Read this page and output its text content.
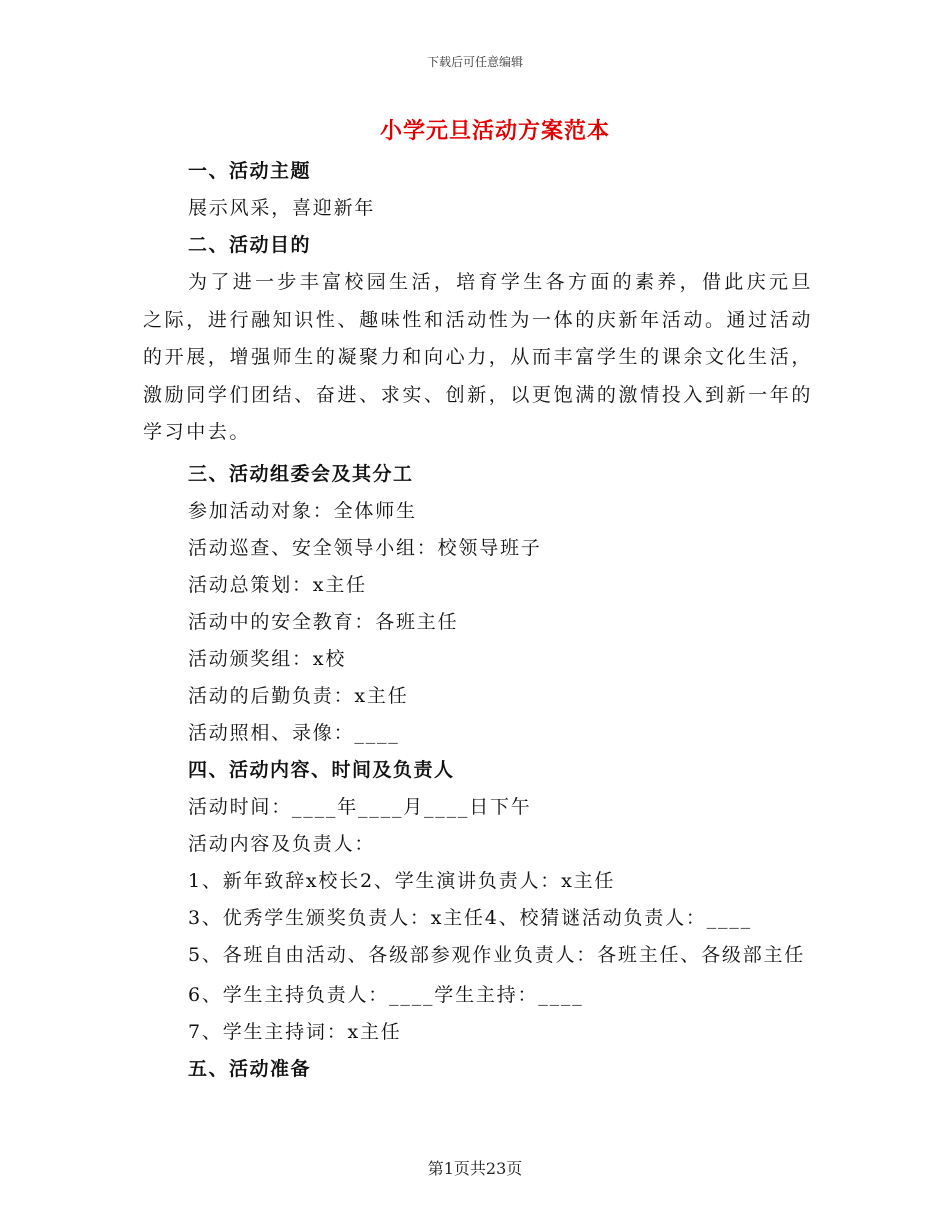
下载后可任意编辑
小学元旦活动方案范本

一、活动主题

展示风采，喜迎新年

二、活动目的

为了进一步丰富校园生活，培育学生各方面的素养，借此庆元旦之际，进行融知识性、趣味性和活动性为一体的庆新年活动。通过活动的开展，增强师生的凝聚力和向心力，从而丰富学生的课余文化生活，激励同学们团结、奋进、求实、创新，以更饱满的激情投入到新一年的学习中去。

三、活动组委会及其分工

参加活动对象：全体师生

活动巡查、安全领导小组：校领导班子

活动总策划：x主任

活动中的安全教育：各班主任

活动颁奖组：x校

活动的后勤负责：x主任

活动照相、录像：____

四、活动内容、时间及负责人

活动时间：____年____月____日下午

活动内容及负责人：

1、新年致辞x校长2、学生演讲负责人：x主任

3、优秀学生颁奖负责人：x主任4、校猜谜活动负责人：____

5、各班自由活动、各级部参观作业负责人：各班主任、各级部主任

6、学生主持负责人：____学生主持：____

7、学生主持词：x主任

五、活动准备

第1页共23页
